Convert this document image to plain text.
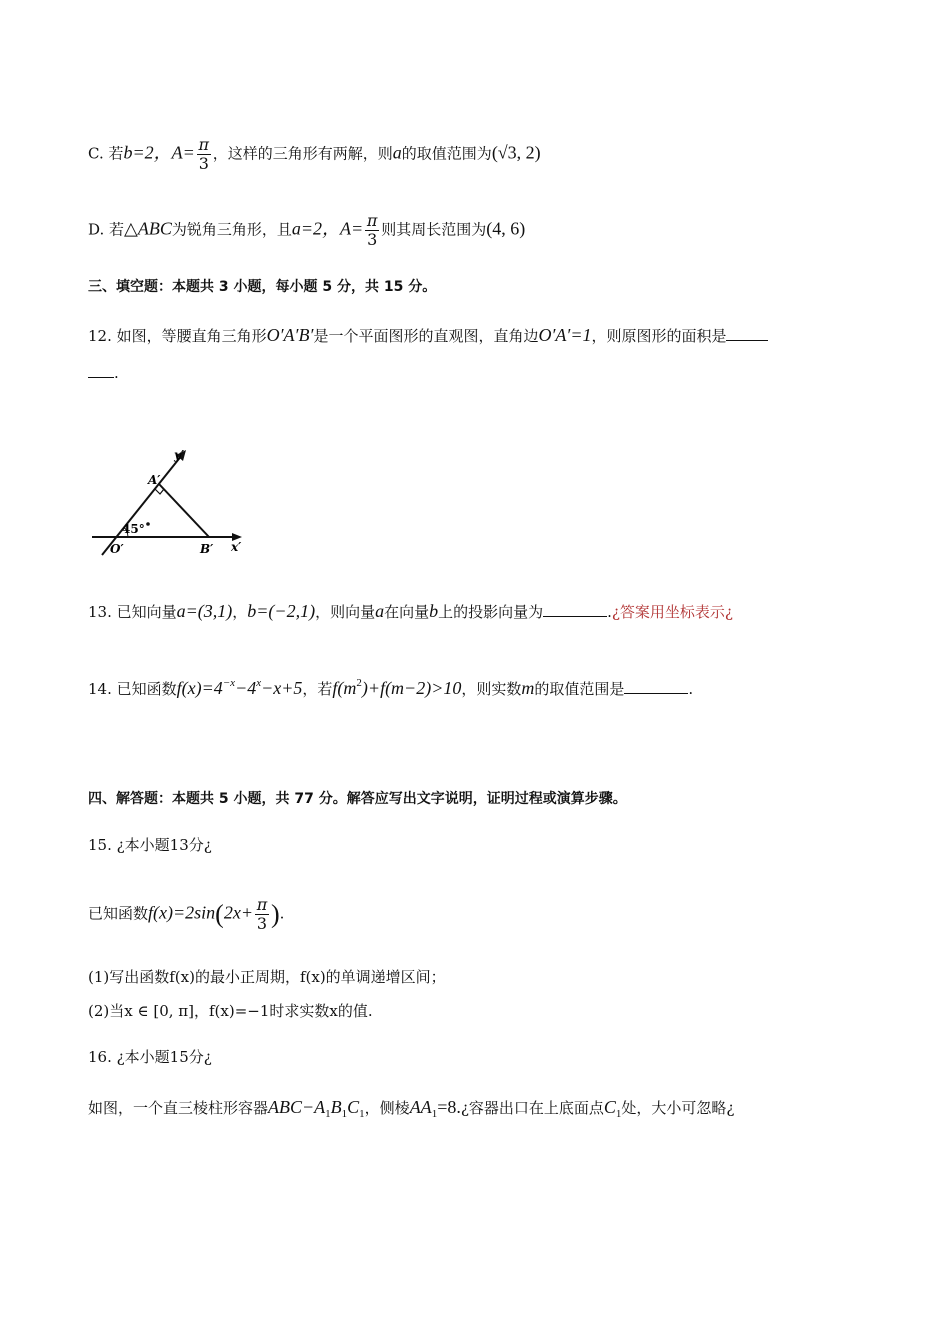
C. 若b=2，$A= \frac{\pi}{3}$ ，这样的三角形有两解，则a的取值范围为(√3, 2)
D. 若△ABC为锐角三角形，且a=2，$A= \frac{\pi}{3}$ 则其周长范围为(4, 6)
三、填空题：本题共 3 小题，每小题 5 分，共 15 分。
12. 如图，等腰直角三角形O′A′B′是一个平面图形的直观图，直角边O′A′=1，则原图形的面积是
.
y′
A′
45°
O′	B′ x′
13. 已知向量a=(3,1)，b=(−2,1)，则向量a在向量b上的投影向量为	.¿答案用坐标表示¿
14. 已知函数$f(x)=4^{-x}-4^x-x+5$，若$f(m^2)+f(m-2)>10$，则实数m的取值范围是	.
四、解答题：本题共 5 小题，共 77 分。解答应写出文字说明，证明过程或演算步骤。
15. ¿本小题13分¿
已知函数$f(x)=2\sin(2x+ \frac{\pi}{3}$ ).
(1)写出函数f(x)的最小正周期，f(x)的单调递增区间；
(2)当x ∈ [0, π]，f(x)=−1时求实数x的值.
16. ¿本小题15分¿
如图，一个直三棱柱形容器$ABC-A_1B_1C_1$，侧棱$AA_1=8.¿$容器出口在上底面点$C_1$处，大小可忽略¿
